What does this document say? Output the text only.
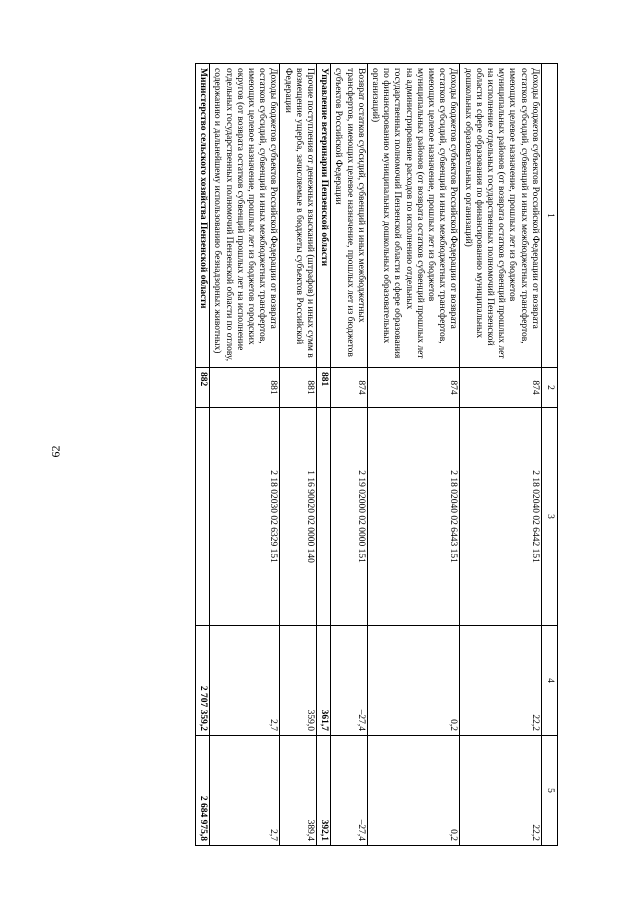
62
1	2	3	4	5
Доходы бюджетов субъектов Российской Федерации от возврата остатков субсидий, субвенций и иных межбюджетных трансфертов, имеющих целевое назначение, прошлых лет из бюджетов муниципальных районов (от возврата остатков субвенций прошлых лет на исполнение отдельных государственных полномочий Пензенской области в сфере образования по финансированию муниципальных дошкольных образовательных организаций)	874	2 18 02040 02 6442 151	22,2	22,2
Доходы бюджетов субъектов Российской Федерации от возврата остатков субсидий, субвенций и иных межбюджетных трансфертов, имеющих целевое назначение, прошлых лет из бюджетов муниципальных районов (от возврата остатков субвенций прошлых лет на администрирование расходов по исполнению отдельных государственных полномочий Пензенской области в сфере образования по финансированию муниципальных дошкольных образовательных организаций)	874	2 18 02040 02 6443 151	0,2	0,2
Возврат остатков субсидий, субвенций и иных межбюджетных трансфертов, имеющих целевое назначение, прошлых лет из бюджетов субъектов Российской Федерации	874	2 19 02000 02 0000 151	–27,4	–27,4
Управление ветеринарии Пензенской области	881		361,7	392,1
Прочие поступления от денежных взысканий (штрафов) и иных сумм в возмещение ущерба, зачисляемые в бюджеты субъектов Российской Федерации	881	1 16 90020 02 0000 140	359,0	389,4
Доходы бюджетов субъектов Российской Федерации от возврата остатков субсидий, субвенций и иных межбюджетных трансфертов, имеющих целевое назначение, прошлых лет из бюджетов городских округов (от возврата остатков субвенций прошлых лет на исполнение отдельных государственных полномочий Пензенской области по отлову, содержанию и дальнейшему использованию безнадзорных животных)	881	2 18 02030 02 6329 151	2,7	2,7
Министерство сельского хозяйства Пензенской области	882		2 707 359,2	2 684 975,8
